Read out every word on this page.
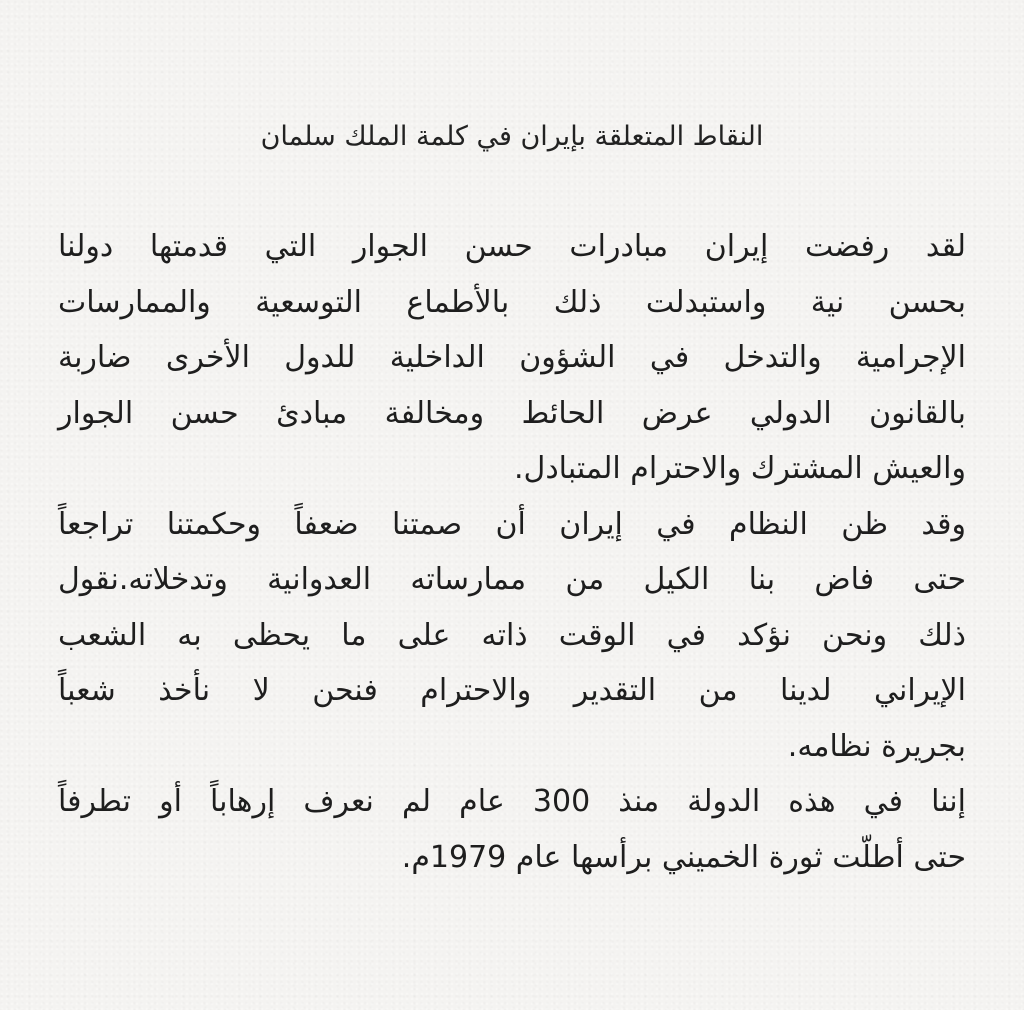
النقاط المتعلقة بإيران في كلمة الملك سلمان
لقد رفضت إيران مبادرات حسن الجوار التي قدمتها دولنا
بحسن نية واستبدلت ذلك بالأطماع التوسعية والممارسات
الإجرامية والتدخل في الشؤون الداخلية للدول الأخرى ضاربة
بالقانون الدولي عرض الحائط ومخالفة مبادئ حسن الجوار
والعيش المشترك والاحترام المتبادل.
وقد ظن النظام في إيران أن صمتنا ضعفاً وحكمتنا تراجعاً
حتى فاض بنا الكيل من ممارساته العدوانية وتدخلاته.نقول
ذلك ونحن نؤكد في الوقت ذاته على ما يحظى به الشعب
الإيراني لدينا من التقدير والاحترام فنحن لا نأخذ شعباً
بجريرة نظامه.
إننا في هذه الدولة منذ 300 عام لم نعرف إرهاباً أو تطرفاً
حتى أطلّت ثورة الخميني برأسها عام 1979م.
